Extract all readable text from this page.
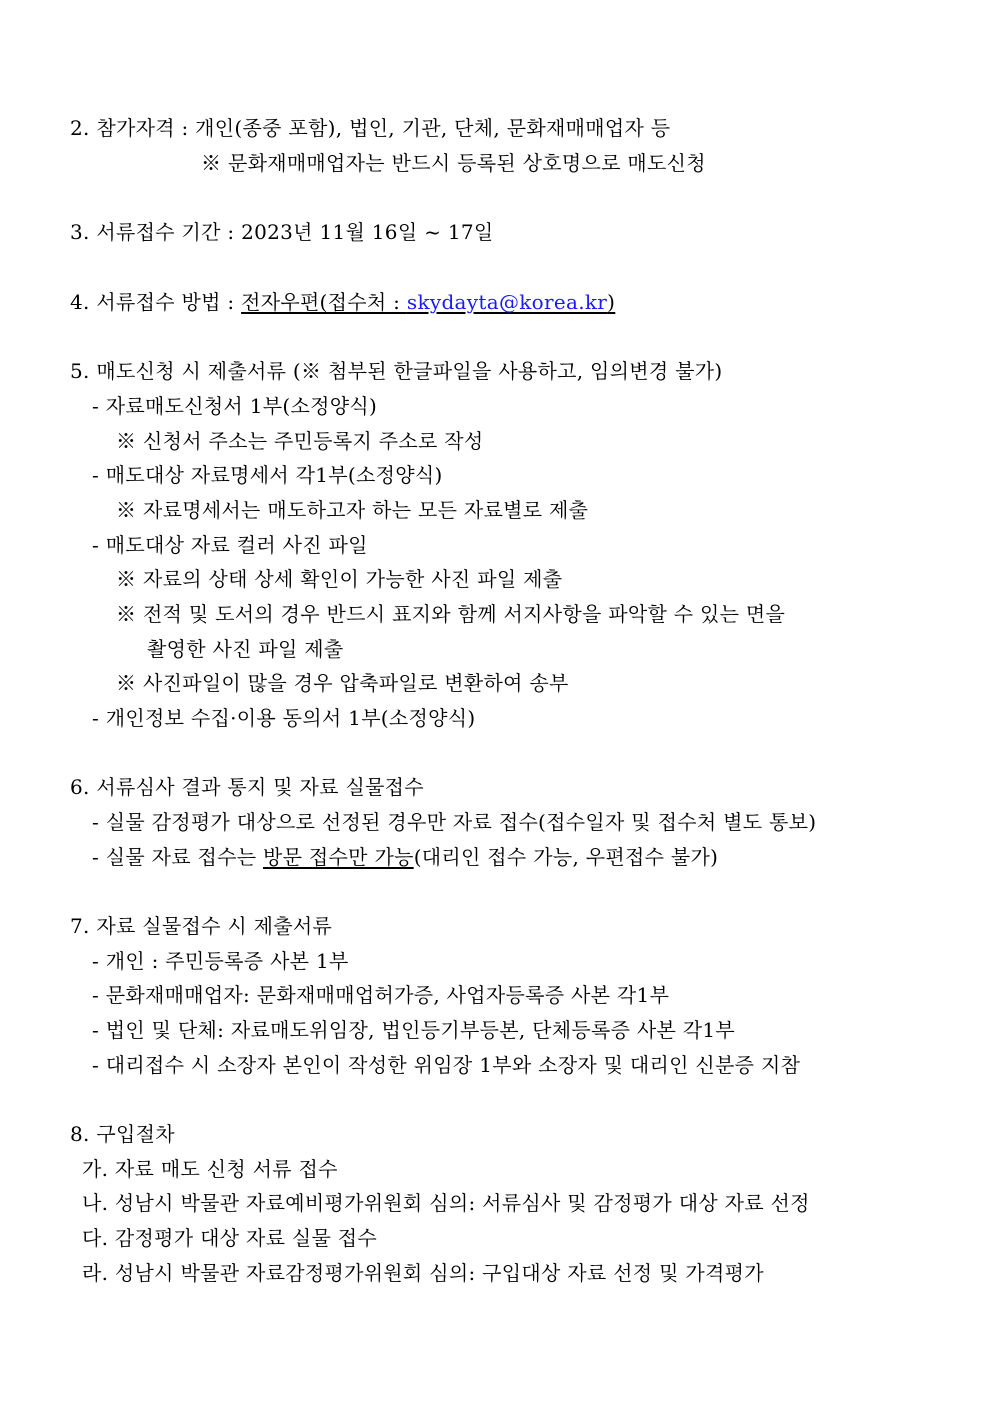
2. 참가자격 : 개인(종중 포함), 법인, 기관, 단체, 문화재매매업자 등
※ 문화재매매업자는 반드시 등록된 상호명으로 매도신청
3. 서류접수 기간 : 2023년 11월 16일 ~ 17일
4. 서류접수 방법 : 전자우편(접수처 : skydayta@korea.kr)
5. 매도신청 시 제출서류 (※ 첨부된 한글파일을 사용하고, 임의변경 불가)
- 자료매도신청서 1부(소정양식)
※ 신청서 주소는 주민등록지 주소로 작성
- 매도대상 자료명세서 각1부(소정양식)
※ 자료명세서는 매도하고자 하는 모든 자료별로 제출
- 매도대상 자료 컬러 사진 파일
※ 자료의 상태 상세 확인이 가능한 사진 파일 제출
※ 전적 및 도서의 경우 반드시 표지와 함께 서지사항을 파악할 수 있는 면을
촬영한 사진 파일 제출
※ 사진파일이 많을 경우 압축파일로 변환하여 송부
- 개인정보 수집·이용 동의서 1부(소정양식)
6. 서류심사 결과 통지 및 자료 실물접수
- 실물 감정평가 대상으로 선정된 경우만 자료 접수(접수일자 및 접수처 별도 통보)
- 실물 자료 접수는 방문 접수만 가능(대리인 접수 가능, 우편접수 불가)
7. 자료 실물접수 시 제출서류
- 개인 : 주민등록증 사본 1부
- 문화재매매업자: 문화재매매업허가증, 사업자등록증 사본 각1부
- 법인 및 단체: 자료매도위임장, 법인등기부등본, 단체등록증 사본 각1부
- 대리접수 시 소장자 본인이 작성한 위임장 1부와 소장자 및 대리인 신분증 지참
8. 구입절차
가. 자료 매도 신청 서류 접수
나. 성남시 박물관 자료예비평가위원회 심의: 서류심사 및 감정평가 대상 자료 선정
다. 감정평가 대상 자료 실물 접수
라. 성남시 박물관 자료감정평가위원회 심의: 구입대상 자료 선정 및 가격평가
